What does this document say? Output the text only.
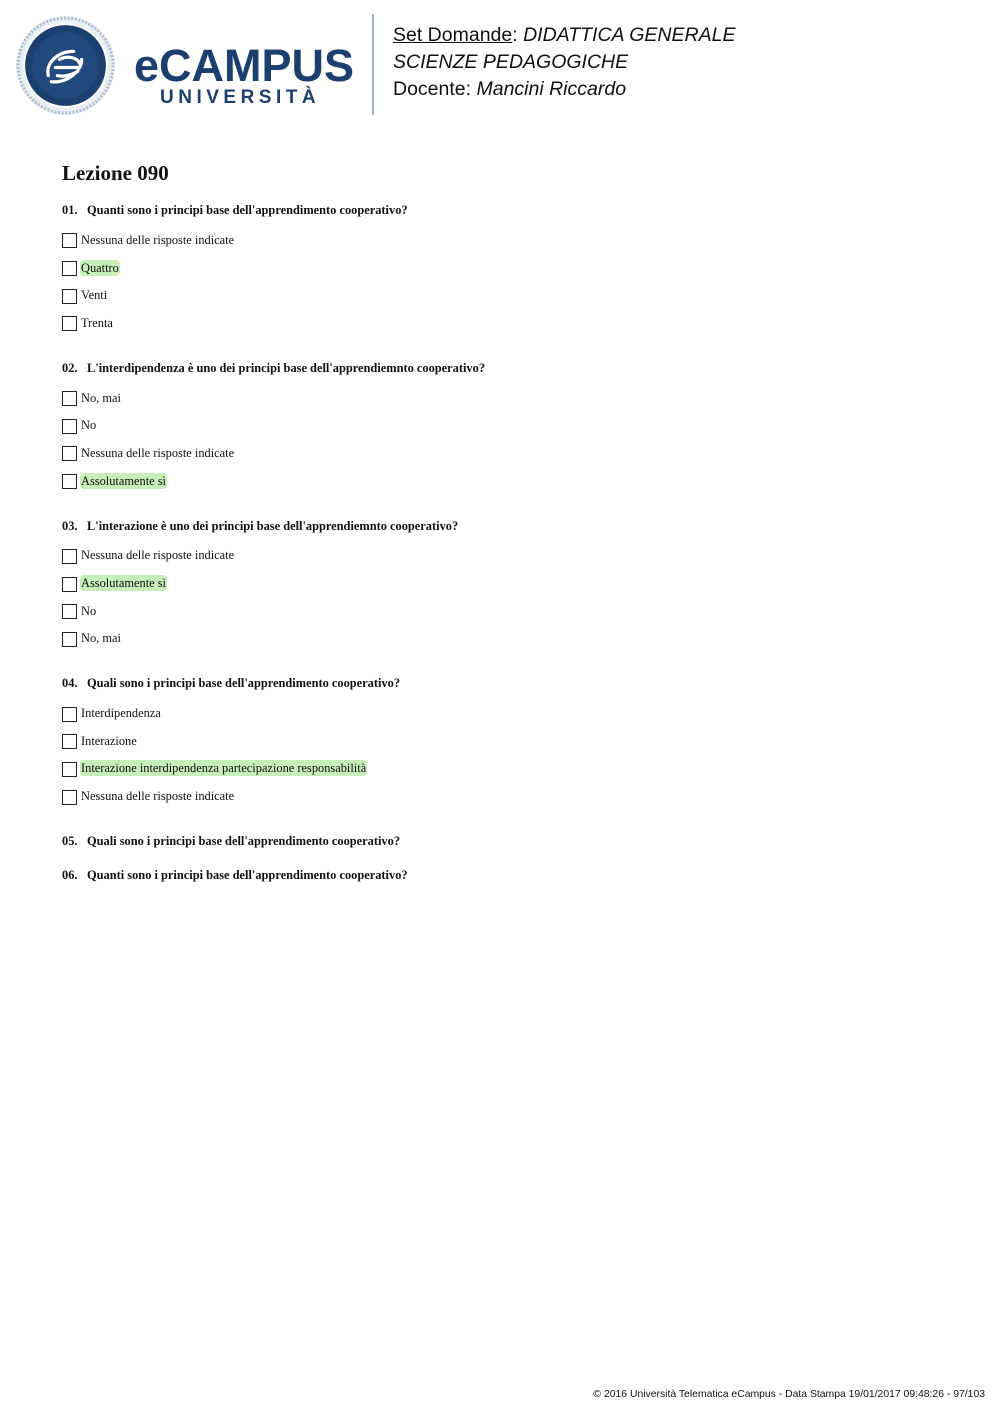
eCAMPUS
UNIVERSITÀ
Set Domande: DIDATTICA GENERALE
SCIENZE PEDAGOGICHE
Docente: Mancini Riccardo
Lezione 090
01. Quanti sono i principi base dell'apprendimento cooperativo?
Nessuna delle risposte indicate
Quattro
Venti
Trenta
02. L'interdipendenza è uno dei principi base dell'apprendiemnto cooperativo?
No, mai
No
Nessuna delle risposte indicate
Assolutamente sì
03. L'interazione è uno dei principi base dell'apprendiemnto cooperativo?
Nessuna delle risposte indicate
Assolutamente sì
No
No, mai
04. Quali sono i principi base dell'apprendimento cooperativo?
Interdipendenza
Interazione
Interazione interdipendenza partecipazione responsabilità
Nessuna delle risposte indicate
05. Quali sono i principi base dell'apprendimento cooperativo?
06. Quanti sono i principi base dell'apprendimento cooperativo?
© 2016 Università Telematica eCampus - Data Stampa 19/01/2017 09:48:26 - 97/103
